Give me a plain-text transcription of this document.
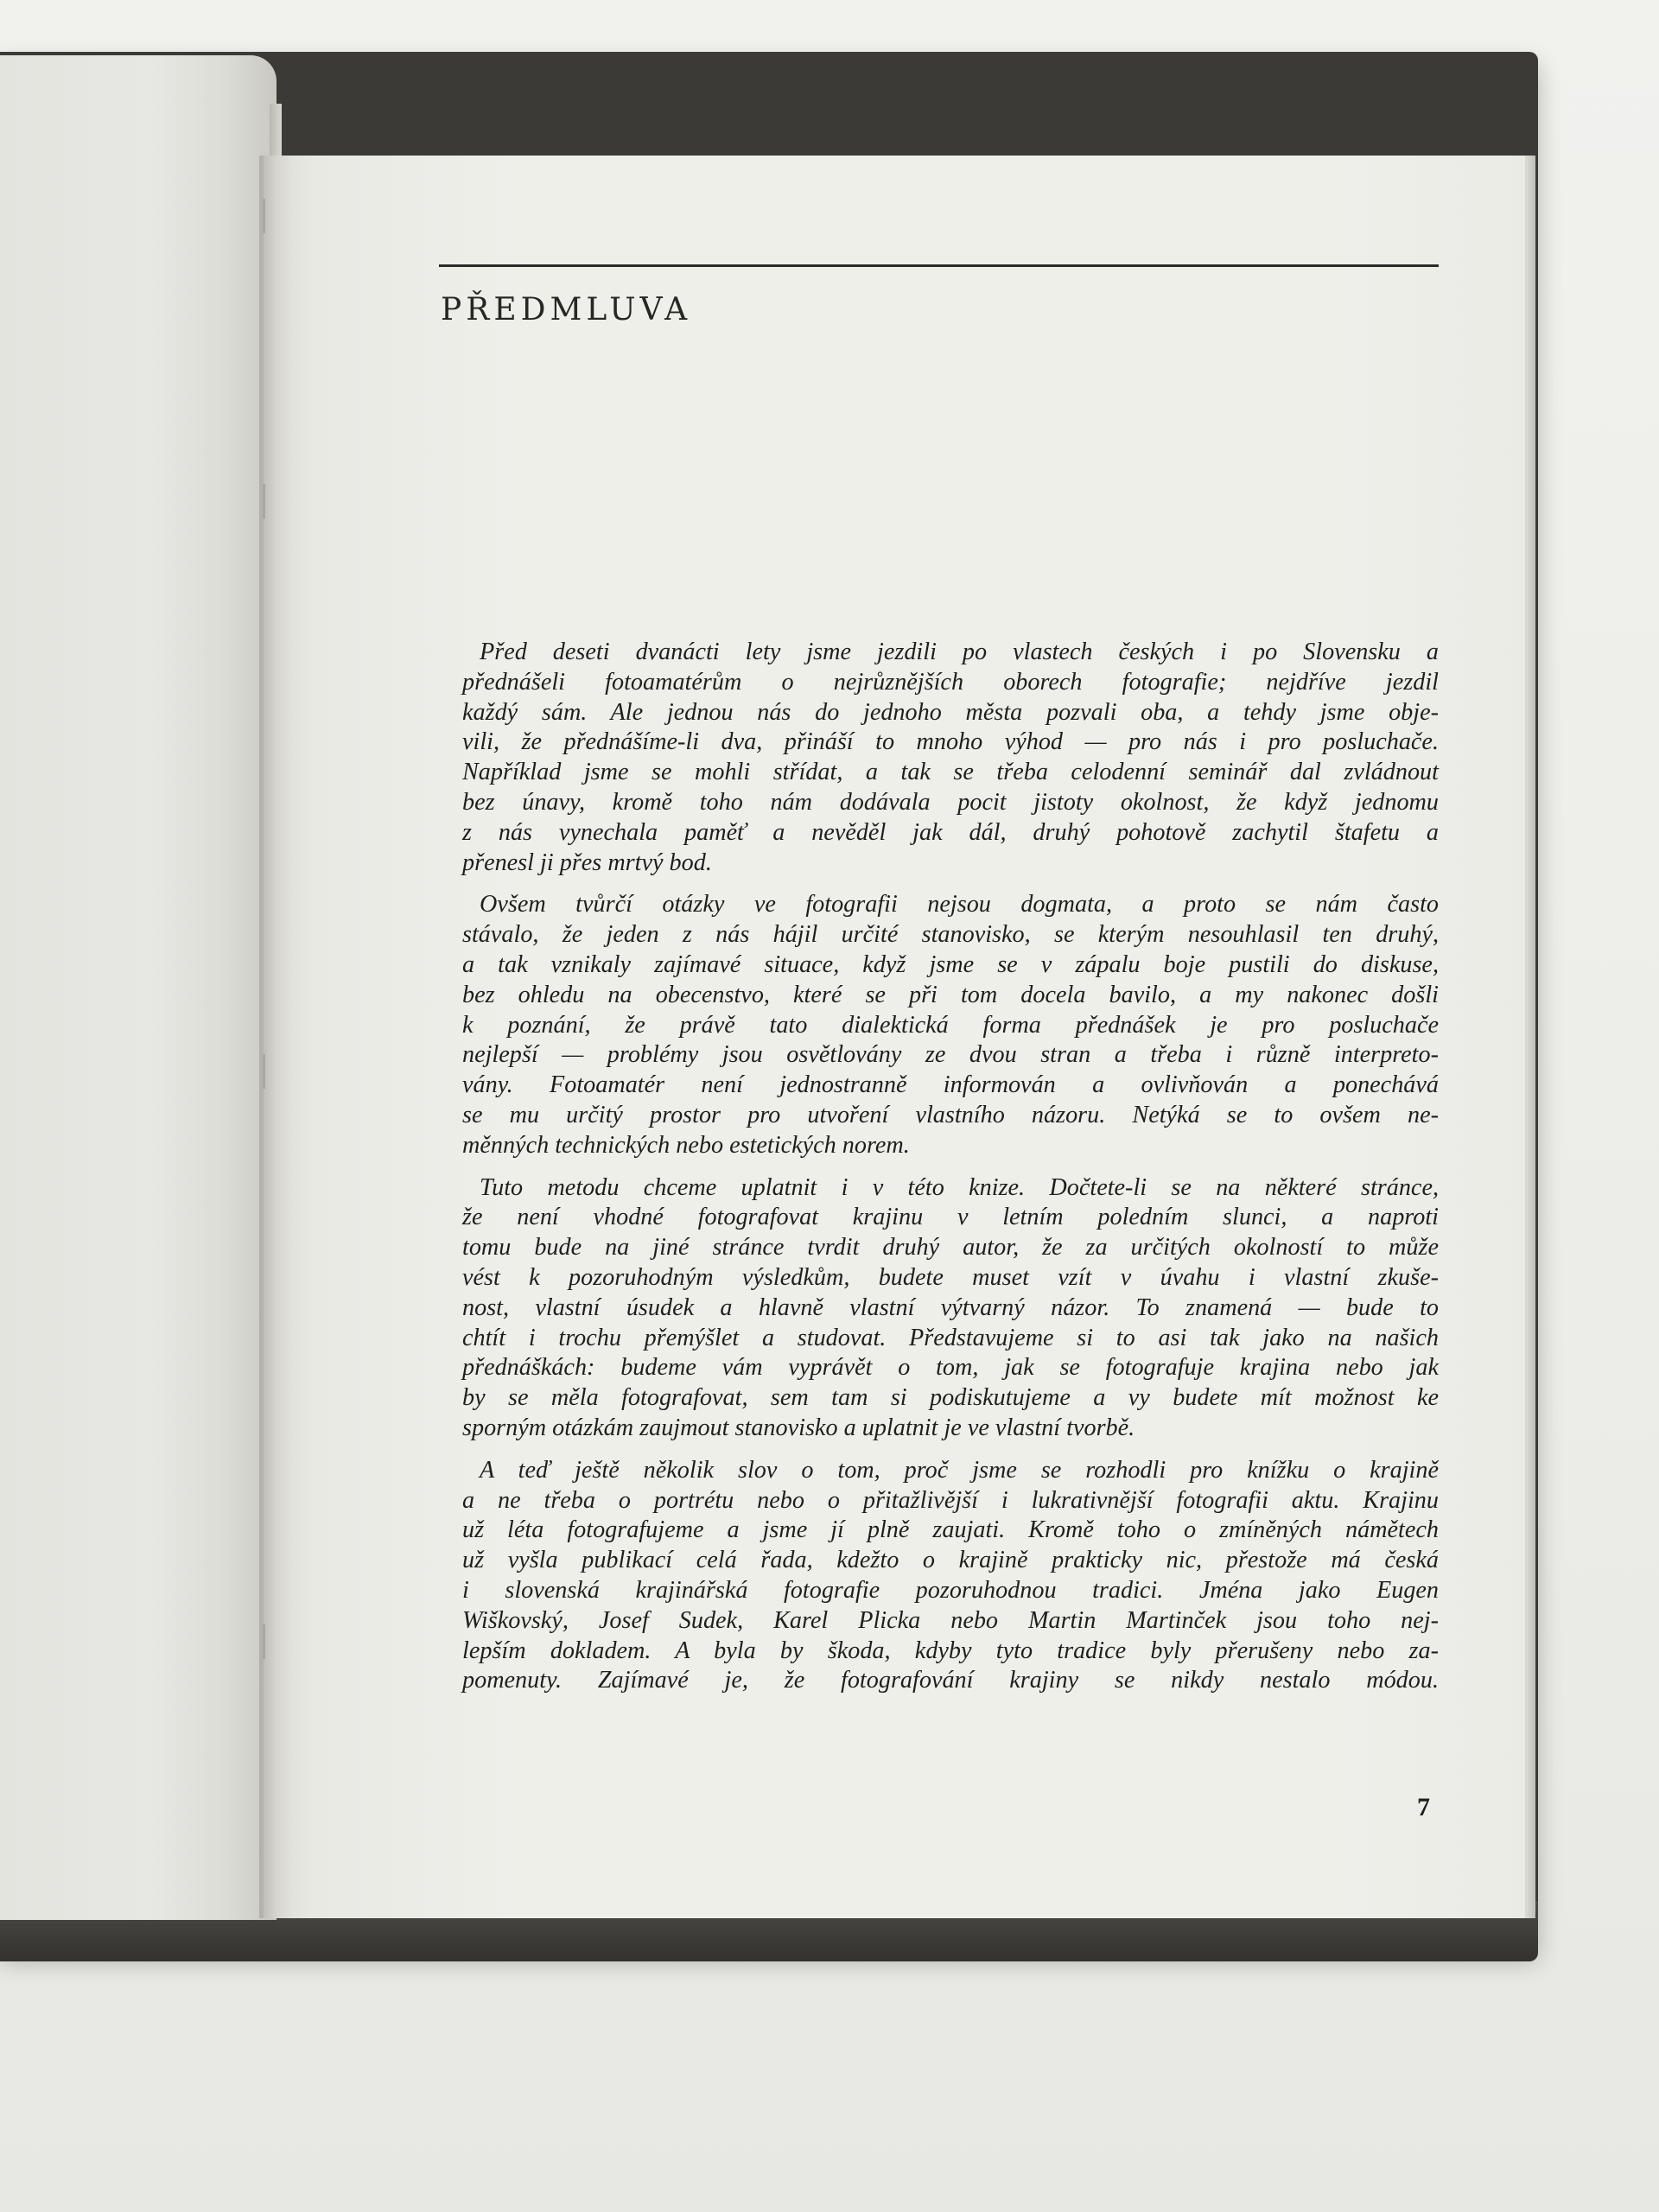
PŘEDMLUVA

Před deseti dvanácti lety jsme jezdili po vlastech českých i po Slovensku a
přednášeli fotoamatérům o nejrůznějších oborech fotografie; nejdříve jezdil
každý sám. Ale jednou nás do jednoho města pozvali oba, a tehdy jsme obje-
vili, že přednášíme-li dva, přináší to mnoho výhod — pro nás i pro posluchače.
Například jsme se mohli střídat, a tak se třeba celodenní seminář dal zvládnout
bez únavy, kromě toho nám dodávala pocit jistoty okolnost, že když jednomu
z nás vynechala paměť a nevěděl jak dál, druhý pohotově zachytil štafetu a
přenesl ji přes mrtvý bod.

Ovšem tvůrčí otázky ve fotografii nejsou dogmata, a proto se nám často
stávalo, že jeden z nás hájil určité stanovisko, se kterým nesouhlasil ten druhý,
a tak vznikaly zajímavé situace, když jsme se v zápalu boje pustili do diskuse,
bez ohledu na obecenstvo, které se při tom docela bavilo, a my nakonec došli
k poznání, že právě tato dialektická forma přednášek je pro posluchače
nejlepší — problémy jsou osvětlovány ze dvou stran a třeba i různě interpreto-
vány. Fotoamatér není jednostranně informován a ovlivňován a ponechává
se mu určitý prostor pro utvoření vlastního názoru. Netýká se to ovšem ne-
měnných technických nebo estetických norem.

Tuto metodu chceme uplatnit i v této knize. Dočtete-li se na některé stránce,
že není vhodné fotografovat krajinu v letním poledním slunci, a naproti
tomu bude na jiné stránce tvrdit druhý autor, že za určitých okolností to může
vést k pozoruhodným výsledkům, budete muset vzít v úvahu i vlastní zkuše-
nost, vlastní úsudek a hlavně vlastní výtvarný názor. To znamená — bude to
chtít i trochu přemýšlet a studovat. Představujeme si to asi tak jako na našich
přednáškách: budeme vám vyprávět o tom, jak se fotografuje krajina nebo jak
by se měla fotografovat, sem tam si podiskutujeme a vy budete mít možnost ke
sporným otázkám zaujmout stanovisko a uplatnit je ve vlastní tvorbě.

A teď ještě několik slov o tom, proč jsme se rozhodli pro knížku o krajině
a ne třeba o portrétu nebo o přitažlivější i lukrativnější fotografii aktu. Krajinu
už léta fotografujeme a jsme jí plně zaujati. Kromě toho o zmíněných námětech
už vyšla publikací celá řada, kdežto o krajině prakticky nic, přestože má česká
i slovenská krajinářská fotografie pozoruhodnou tradici. Jména jako Eugen
Wiškovský, Josef Sudek, Karel Plicka nebo Martin Martinček jsou toho nej-
lepším dokladem. A byla by škoda, kdyby tyto tradice byly přerušeny nebo za-
pomenuty. Zajímavé je, že fotografování krajiny se nikdy nestalo módou.

7
